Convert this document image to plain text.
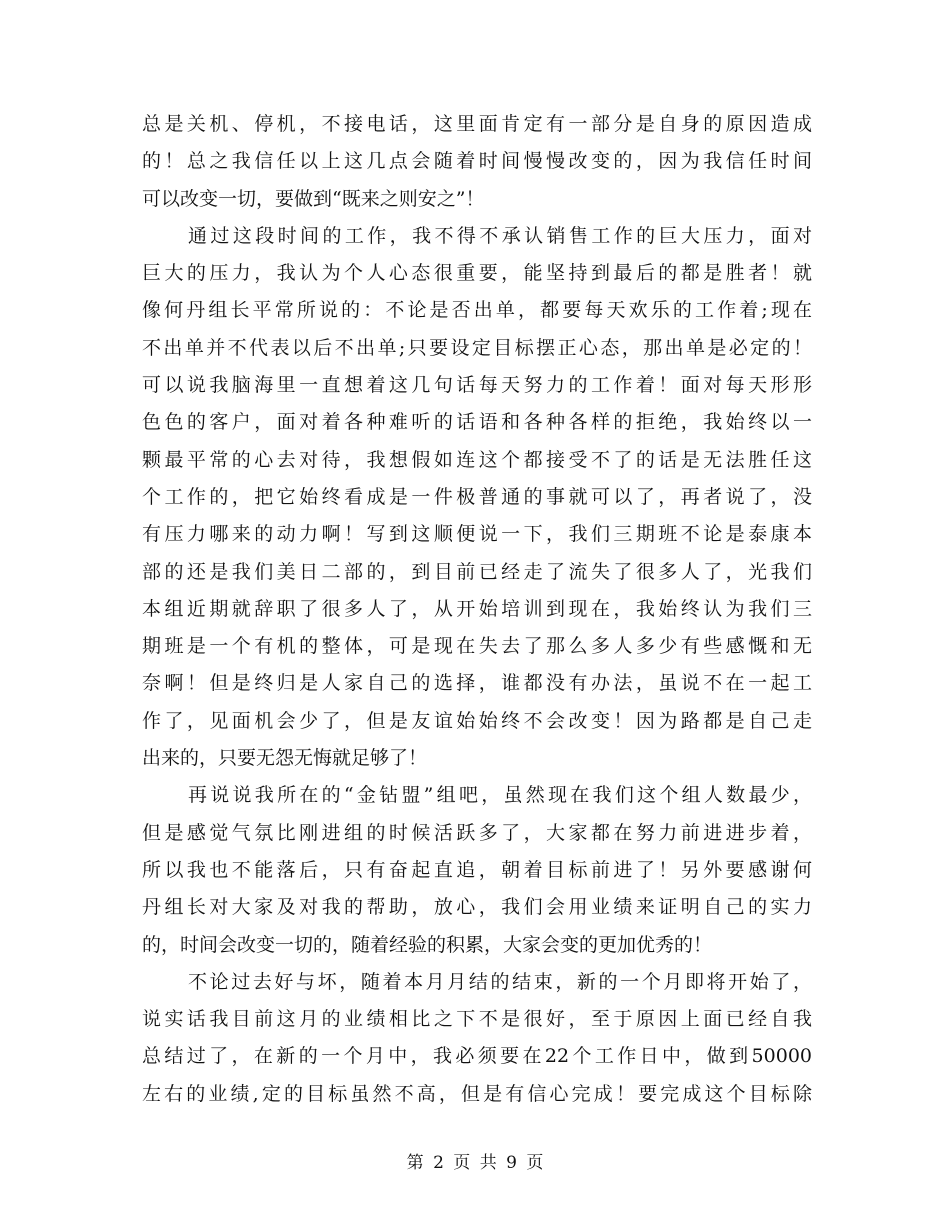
总是关机、停机，不接电话，这里面肯定有一部分是自身的原因造成
的！总之我信任以上这几点会随着时间慢慢改变的，因为我信任时间
可以改变一切，要做到“既来之则安之”！
通过这段时间的工作，我不得不承认销售工作的巨大压力，面对
巨大的压力，我认为个人心态很重要，能坚持到最后的都是胜者！就
像何丹组长平常所说的：不论是否出单，都要每天欢乐的工作着;现在
不出单并不代表以后不出单;只要设定目标摆正心态，那出单是必定的！
可以说我脑海里一直想着这几句话每天努力的工作着！面对每天形形
色色的客户，面对着各种难听的话语和各种各样的拒绝，我始终以一
颗最平常的心去对待，我想假如连这个都接受不了的话是无法胜任这
个工作的，把它始终看成是一件极普通的事就可以了，再者说了，没
有压力哪来的动力啊！写到这顺便说一下，我们三期班不论是泰康本
部的还是我们美日二部的，到目前已经走了流失了很多人了，光我们
本组近期就辞职了很多人了，从开始培训到现在，我始终认为我们三
期班是一个有机的整体，可是现在失去了那么多人多少有些感慨和无
奈啊！但是终归是人家自己的选择，谁都没有办法，虽说不在一起工
作了，见面机会少了，但是友谊始始终不会改变！因为路都是自己走
出来的，只要无怨无悔就足够了！
再说说我所在的“金钻盟”组吧，虽然现在我们这个组人数最少，
但是感觉气氛比刚进组的时候活跃多了，大家都在努力前进进步着，
所以我也不能落后，只有奋起直追，朝着目标前进了！另外要感谢何
丹组长对大家及对我的帮助，放心，我们会用业绩来证明自己的实力
的，时间会改变一切的，随着经验的积累，大家会变的更加优秀的！
不论过去好与坏，随着本月月结的结束，新的一个月即将开始了，
说实话我目前这月的业绩相比之下不是很好，至于原因上面已经自我
总结过了，在新的一个月中，我必须要在22个工作日中，做到50000
左右的业绩,定的目标虽然不高，但是有信心完成！要完成这个目标除
第 2 页 共 9 页
